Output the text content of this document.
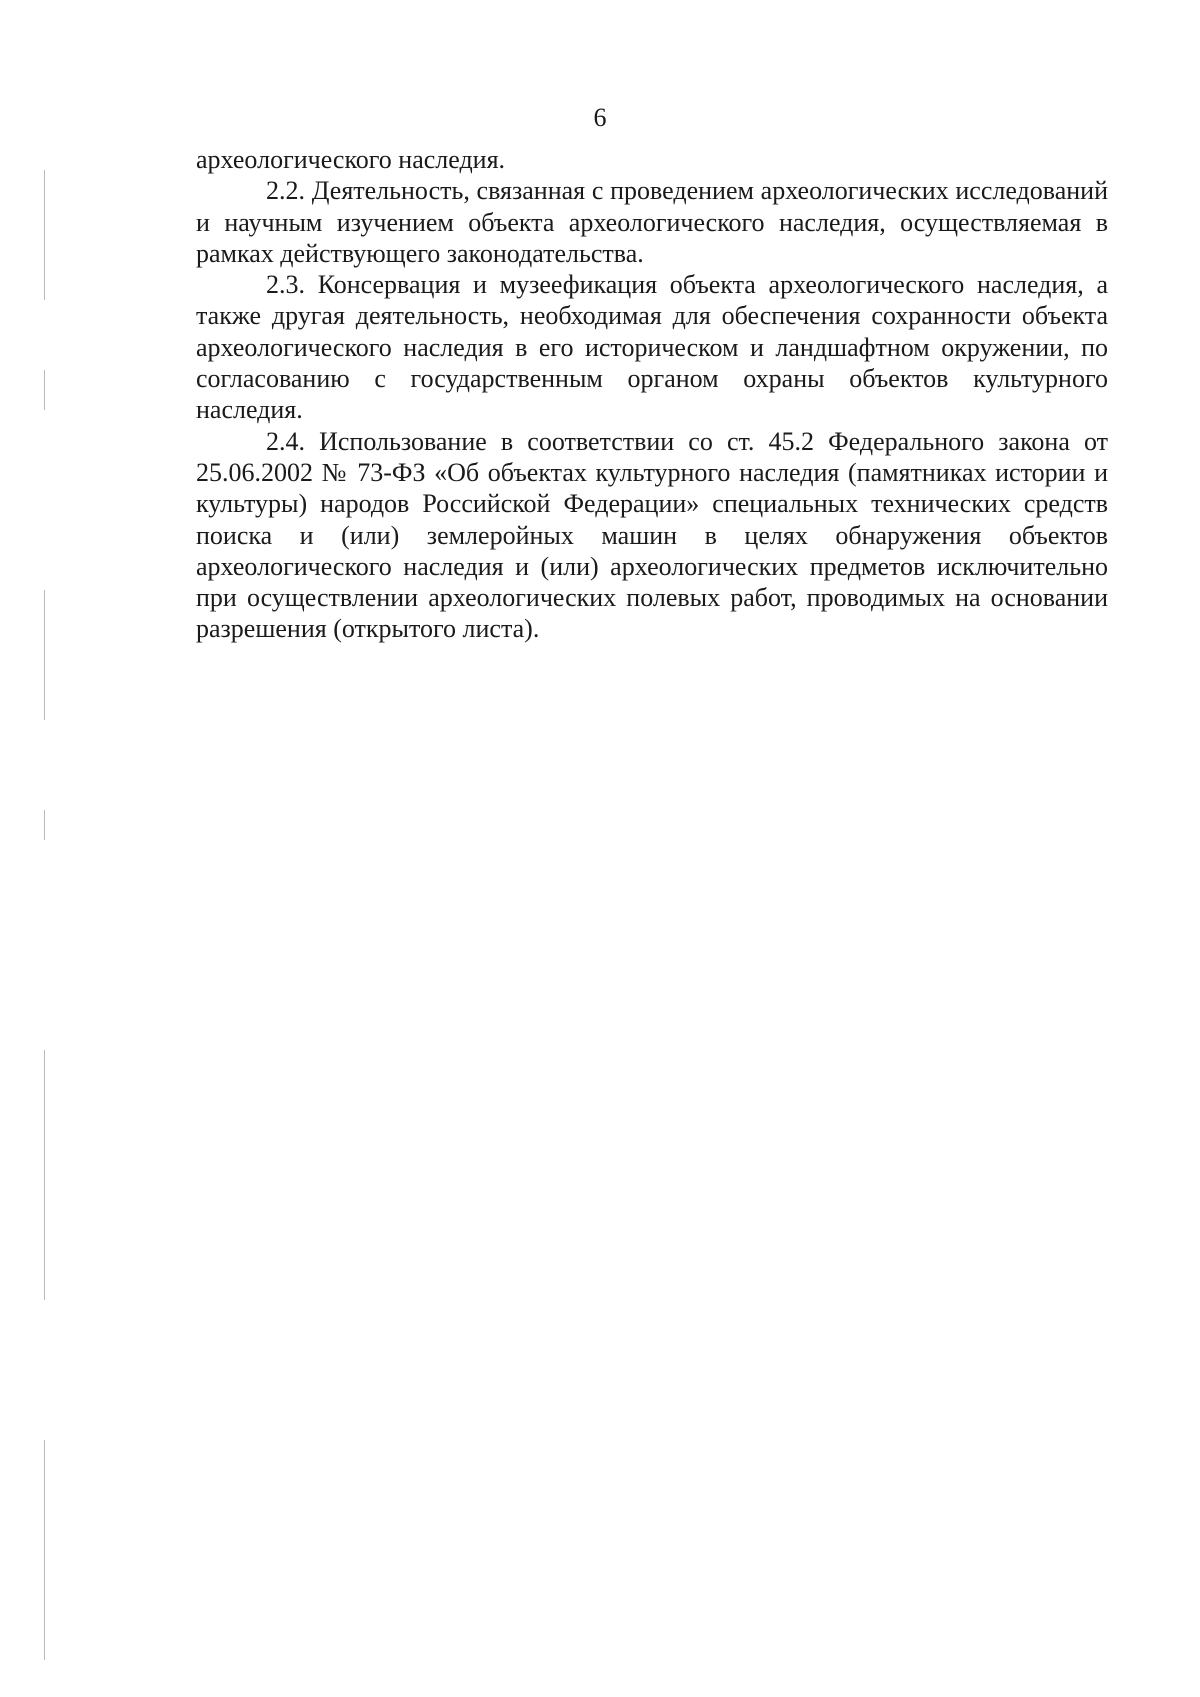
6

археологического наследия.

2.2. Деятельность, связанная с проведением археологических исследований и научным изучением объекта археологического наследия, осуществляемая в рамках действующего законодательства.

2.3. Консервация и музеефикация объекта археологического наследия, а также другая деятельность, необходимая для обеспечения сохранности объекта археологического наследия в его историческом и ландшафтном окружении, по согласованию с государственным органом охраны объектов культурного наследия.

2.4. Использование в соответствии со ст. 45.2 Федерального закона от 25.06.2002 № 73-ФЗ «Об объектах культурного наследия (памятниках истории и культуры) народов Российской Федерации» специальных технических средств поиска и (или) землеройных машин в целях обнаружения объектов археологического наследия и (или) археологических предметов исключительно при осуществлении археологических полевых работ, проводимых на основании разрешения (открытого листа).
